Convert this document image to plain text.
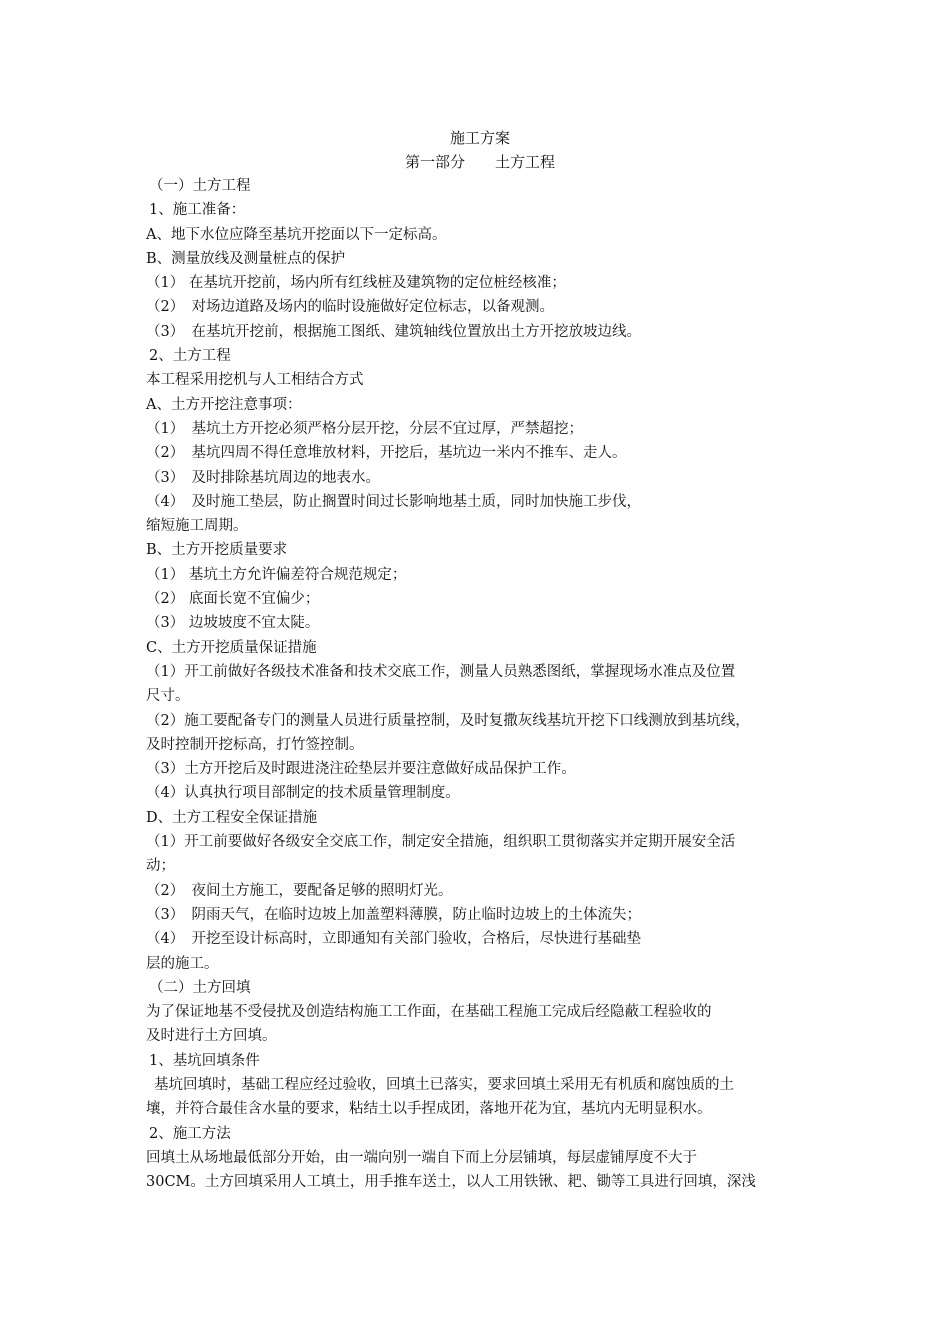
施工方案
第一部分　　土方工程
（一）土方工程
1、施工准备：
A、地下水位应降至基坑开挖面以下一定标高。
B、测量放线及测量桩点的保护
（1） 在基坑开挖前，场内所有红线桩及建筑物的定位桩经核准；
（2）　对场边道路及场内的临时设施做好定位标志，以备观测。
（3）　在基坑开挖前，根据施工图纸、建筑轴线位置放出土方开挖放坡边线。
2、土方工程
本工程采用挖机与人工相结合方式
A、土方开挖注意事项：
（1）　基坑土方开挖必须严格分层开挖，分层不宜过厚，严禁超挖；
（2）　基坑四周不得任意堆放材料，开挖后，基坑边一米内不推车、走人。
（3）　及时排除基坑周边的地表水。
（4）　及时施工垫层，防止搁置时间过长影响地基土质，同时加快施工步伐，
缩短施工周期。
B、土方开挖质量要求
（1） 基坑土方允许偏差符合规范规定；
（2） 底面长宽不宜偏少；
（3） 边坡坡度不宜太陡。
C、土方开挖质量保证措施
（1）开工前做好各级技术准备和技术交底工作，测量人员熟悉图纸，掌握现场水准点及位置
尺寸。
（2）施工要配备专门的测量人员进行质量控制，及时复撒灰线基坑开挖下口线测放到基坑线，
及时控制开挖标高，打竹签控制。
（3）土方开挖后及时跟进浇注砼垫层并要注意做好成品保护工作。
（4）认真执行项目部制定的技术质量管理制度。
D、土方工程安全保证措施
（1）开工前要做好各级安全交底工作，制定安全措施，组织职工贯彻落实并定期开展安全活
动；
（2）　夜间土方施工，要配备足够的照明灯光。
（3）　阴雨天气，在临时边坡上加盖塑料薄膜，防止临时边坡上的土体流失；
（4）　开挖至设计标高时，立即通知有关部门验收，合格后，尽快进行基础垫
层的施工。
（二）土方回填
为了保证地基不受侵扰及创造结构施工工作面，在基础工程施工完成后经隐蔽工程验收的
及时进行土方回填。
1、基坑回填条件
基坑回填时，基础工程应经过验收，回填土已落实，要求回填土采用无有机质和腐蚀质的土
壤，并符合最佳含水量的要求，粘结土以手捏成团，落地开花为宜，基坑内无明显积水。
2、施工方法
回填土从场地最低部分开始，由一端向别一端自下而上分层铺填，每层虚铺厚度不大于
30CM。土方回填采用人工填土，用手推车送土，以人工用铁锹、耙、锄等工具进行回填，深浅
